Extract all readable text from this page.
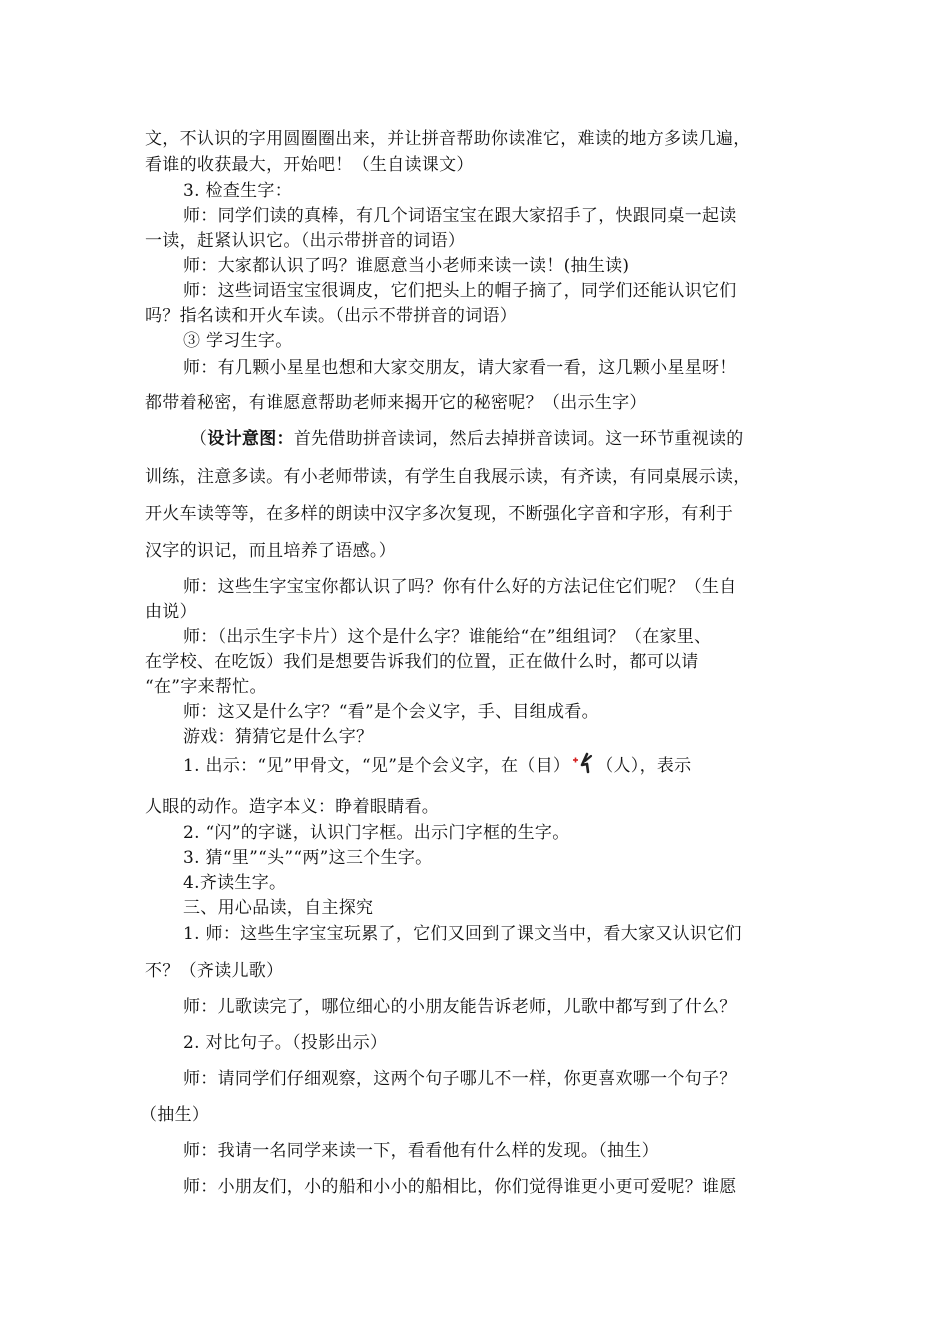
文，不认识的字用圆圈圈出来，并让拼音帮助你读准它，难读的地方多读几遍，
看谁的收获最大，开始吧！（生自读课文）
3. 检查生字：
师：同学们读的真棒，有几个词语宝宝在跟大家招手了，快跟同桌一起读
一读，赶紧认识它。（出示带拼音的词语）
师：大家都认识了吗？谁愿意当小老师来读一读！(抽生读)
师：这些词语宝宝很调皮，它们把头上的帽子摘了，同学们还能认识它们
吗？指名读和开火车读。（出示不带拼音的词语）
③ 学习生字。
师：有几颗小星星也想和大家交朋友，请大家看一看，这几颗小星星呀！
都带着秘密，有谁愿意帮助老师来揭开它的秘密呢？（出示生字）
（设计意图：首先借助拼音读词，然后去掉拼音读词。这一环节重视读的
训练，注意多读。有小老师带读，有学生自我展示读，有齐读，有同桌展示读，
开火车读等等，在多样的朗读中汉字多次复现，不断强化字音和字形，有利于
汉字的识记，而且培养了语感。）
师：这些生字宝宝你都认识了吗？你有什么好的方法记住它们呢？（生自
由说）
师：（出示生字卡片）这个是什么字？谁能给“在”组组词？（在家里、
在学校、在吃饭）我们是想要告诉我们的位置，正在做什么时，都可以请
“在”字来帮忙。
师：这又是什么字？“看”是个会义字，手、目组成看。
游戏：猜猜它是什么字？
1. 出示：“见”甲骨文，“见”是个会义字，在（目） （人），表示
人眼的动作。造字本义：睁着眼睛看。
2. “闪”的字谜，认识门字框。出示门字框的生字。
3. 猜“里”“头”“两”这三个生字。
4.齐读生字。
三、用心品读，自主探究
1. 师：这些生字宝宝玩累了，它们又回到了课文当中，看大家又认识它们
不？（齐读儿歌）
师：儿歌读完了，哪位细心的小朋友能告诉老师，儿歌中都写到了什么？
2. 对比句子。（投影出示）
师：请同学们仔细观察，这两个句子哪儿不一样，你更喜欢哪一个句子？
（抽生）
师：我请一名同学来读一下，看看他有什么样的发现。（抽生）
师：小朋友们，小的船和小小的船相比，你们觉得谁更小更可爱呢？谁愿
